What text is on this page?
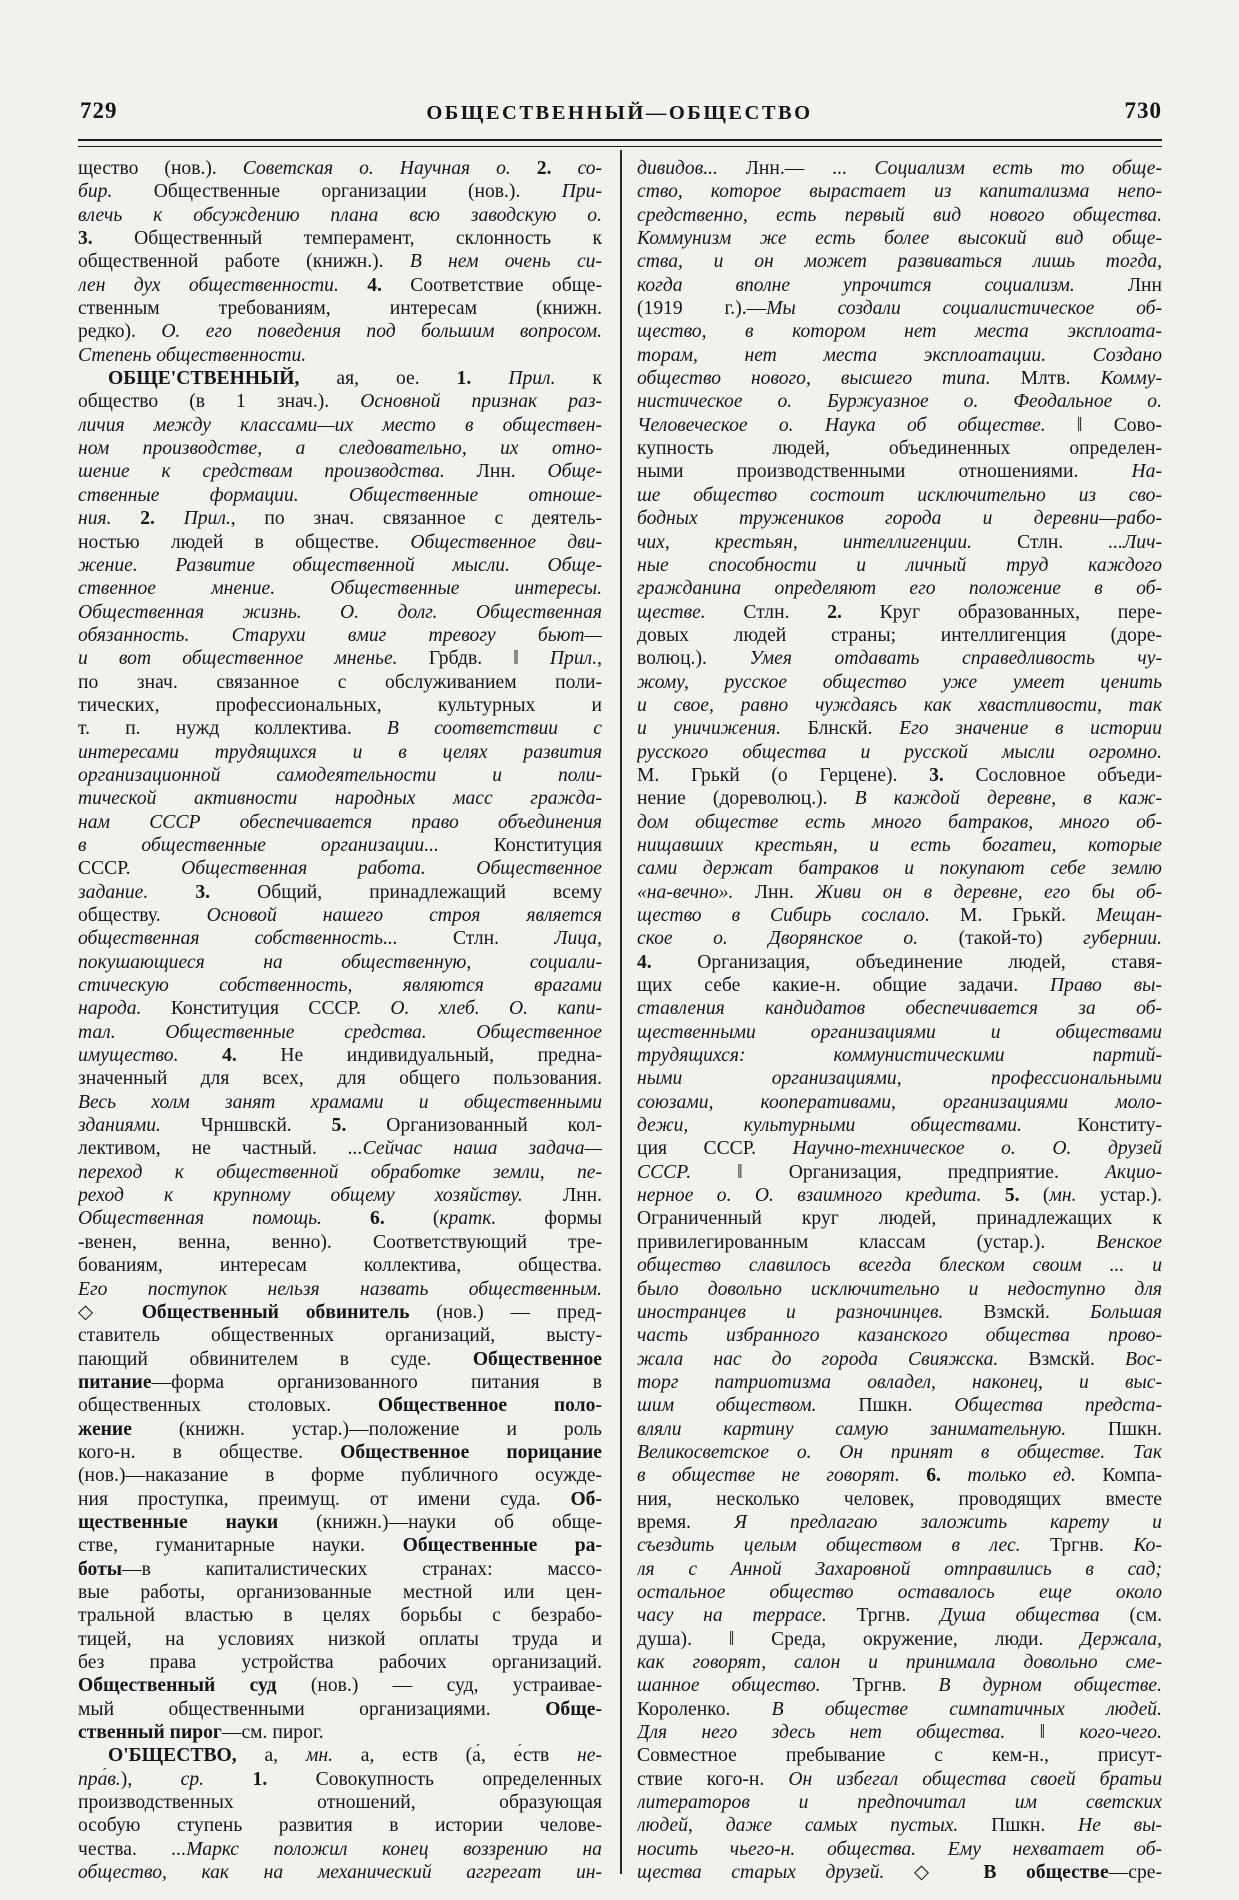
729	ОБЩЕСТВЕННЫЙ—ОБЩЕСТВО	730
щество (нов.). Советская о. Научная о. 2. со-
бир. Общественные организации (нов.). При-
влечь к обсуждению плана всю заводскую о.
3. Общественный темперамент, склонность к
общественной работе (книжн.). В нем очень си-
лен дух общественности. 4. Соответствие обще-
ственным требованиям, интересам (книжн.
редко). О. его поведения под большим вопросом.
Степень общественности.
ОБЩЕ'СТВЕННЫЙ, ая, ое. 1. Прил. к
общество (в 1 знач.). Основной признак раз-
личия между классами—их место в обществен-
ном производстве, а следовательно, их отно-
шение к средствам производства. Лнн. Обще-
ственные формации. Общественные отноше-
ния. 2. Прил., по знач. связанное с деятель-
ностью людей в обществе. Общественное дви-
жение. Развитие общественной мысли. Обще-
ственное мнение. Общественные интересы.
Общественная жизнь. О. долг. Общественная
обязанность. Старухи вмиг тревогу бьют—
и вот общественное мненье. Грбдв. ‖ Прил.,
по знач. связанное с обслуживанием поли-
тических, профессиональных, культурных и
т. п. нужд коллектива. В соответствии с
интересами трудящихся и в целях развития
организационной самодеятельности и поли-
тической активности народных масс гражда-
нам СССР обеспечивается право объединения
в общественные организации... Конституция
СССР. Общественная работа. Общественное
задание. 3. Общий, принадлежащий всему
обществу. Основой нашего строя является
общественная собственность... Стлн. Лица,
покушающиеся на общественную, социали-
стическую собственность, являются врагами
народа. Конституция СССР. О. хлеб. О. капи-
тал. Общественные средства. Общественное
имущество. 4. Не индивидуальный, предна-
значенный для всех, для общего пользования.
Весь холм занят храмами и общественными
зданиями. Чрншвскй. 5. Организованный кол-
лективом, не частный. ...Сейчас наша задача—
переход к общественной обработке земли, пе-
реход к крупному общему хозяйству. Лнн.
Общественная помощь. 6. (кратк. формы
-венен, венна, венно). Соответствующий тре-
бованиям, интересам коллектива, общества.
Его поступок нельзя назвать общественным.
◇ Общественный обвинитель (нов.) — пред-
ставитель общественных организаций, высту-
пающий обвинителем в суде. Общественное
питание—форма организованного питания в
общественных столовых. Общественное поло-
жение (книжн. устар.)—положение и роль
кого-н. в обществе. Общественное порицание
(нов.)—наказание в форме публичного осужде-
ния проступка, преимущ. от имени суда. Об-
щественные науки (книжн.)—науки об обще-
стве, гуманитарные науки. Общественные ра-
боты—в капиталистических странах: массо-
вые работы, организованные местной или цен-
тральной властью в целях борьбы с безрабо-
тицей, на условиях низкой оплаты труда и
без права устройства рабочих организаций.
Общественный суд (нов.) — суд, устраивае-
мый общественными организациями. Обще-
ственный пирог—см. пирог.
О'БЩЕСТВО, а, мн. а, еств (а́, е́ств не-
пра́в.), ср. 1. Совокупность определенных
производственных отношений, образующая
особую ступень развития в истории челове-
чества. ...Маркс положил конец воззрению на
общество, как на механический аггрегат ин-
дивидов... Лнн.— ... Социализм есть то обще-
ство, которое вырастает из капитализма непо-
средственно, есть первый вид нового общества.
Коммунизм же есть более высокий вид обще-
ства, и он может развиваться лишь тогда,
когда вполне упрочится социализм. Лнн
(1919 г.).—Мы создали социалистическое об-
щество, в котором нет места эксплоата-
торам, нет места эксплоатации. Создано
общество нового, высшего типа. Млтв. Комму-
нистическое о. Буржуазное о. Феодальное о.
Человеческое о. Наука об обществе. ‖ Сово-
купность людей, объединенных определен-
ными производственными отношениями. На-
ше общество состоит исключительно из сво-
бодных тружеников города и деревни—рабо-
чих, крестьян, интеллигенции. Стлн. ...Лич-
ные способности и личный труд каждого
гражданина определяют его положение в об-
ществе. Стлн. 2. Круг образованных, пере-
довых людей страны; интеллигенция (доре-
волюц.). Умея отдавать справедливость чу-
жому, русское общество уже умеет ценить
и свое, равно чуждаясь как хвастливости, так
и уничижения. Блнскй. Его значение в истории
русского общества и русской мысли огромно.
М. Грькй (о Герцене). 3. Сословное объеди-
нение (дореволюц.). В каждой деревне, в каж-
дом обществе есть много батраков, много об-
нищавших крестьян, и есть богатеи, которые
сами держат батраков и покупают себе землю
«на-вечно». Лнн. Живи он в деревне, его бы об-
щество в Сибирь сослало. М. Грькй. Мещан-
ское о. Дворянское о. (такой-то) губернии.
4. Организация, объединение людей, ставя-
щих себе какие-н. общие задачи. Право вы-
ставления кандидатов обеспечивается за об-
щественными организациями и обществами
трудящихся: коммунистическими партий-
ными организациями, профессиональными
союзами, кооперативами, организациями моло-
дежи, культурными обществами. Конститу-
ция СССР. Научно-техническое о. О. друзей
СССР. ‖ Организация, предприятие. Акцио-
нерное о. О. взаимного кредита. 5. (мн. устар.).
Ограниченный круг людей, принадлежащих к
привилегированным классам (устар.). Венское
общество славилось всегда блеском своим ... и
было довольно исключительно и недоступно для
иностранцев и разночинцев. Взмскй. Большая
часть избранного казанского общества прово-
жала нас до города Свияжска. Взмскй. Вос-
торг патриотизма овладел, наконец, и выс-
шим обществом. Пшкн. Общества предста-
вляли картину самую занимательную. Пшкн.
Великосветское о. Он принят в обществе. Так
в обществе не говорят. 6. только ед. Компа-
ния, несколько человек, проводящих вместе
время. Я предлагаю заложить карету и
съездить целым обществом в лес. Тргнв. Ко-
ля с Анной Захаровной отправились в сад;
остальное общество оставалось еще около
часу на террасе. Тргнв. Душа общества (см.
душа). ‖ Среда, окружение, люди. Держала,
как говорят, салон и принимала довольно сме-
шанное общество. Тргнв. В дурном обществе.
Короленко. В обществе симпатичных людей.
Для него здесь нет общества. ‖ кого-чего.
Совместное пребывание с кем-н., присут-
ствие кого-н. Он избегал общества своей братьи
литераторов и предпочитал им светских
людей, даже самых пустых. Пшкн. Не вы-
носить чьего-н. общества. Ему нехватает об-
щества старых друзей. ◇ В обществе—сре-
